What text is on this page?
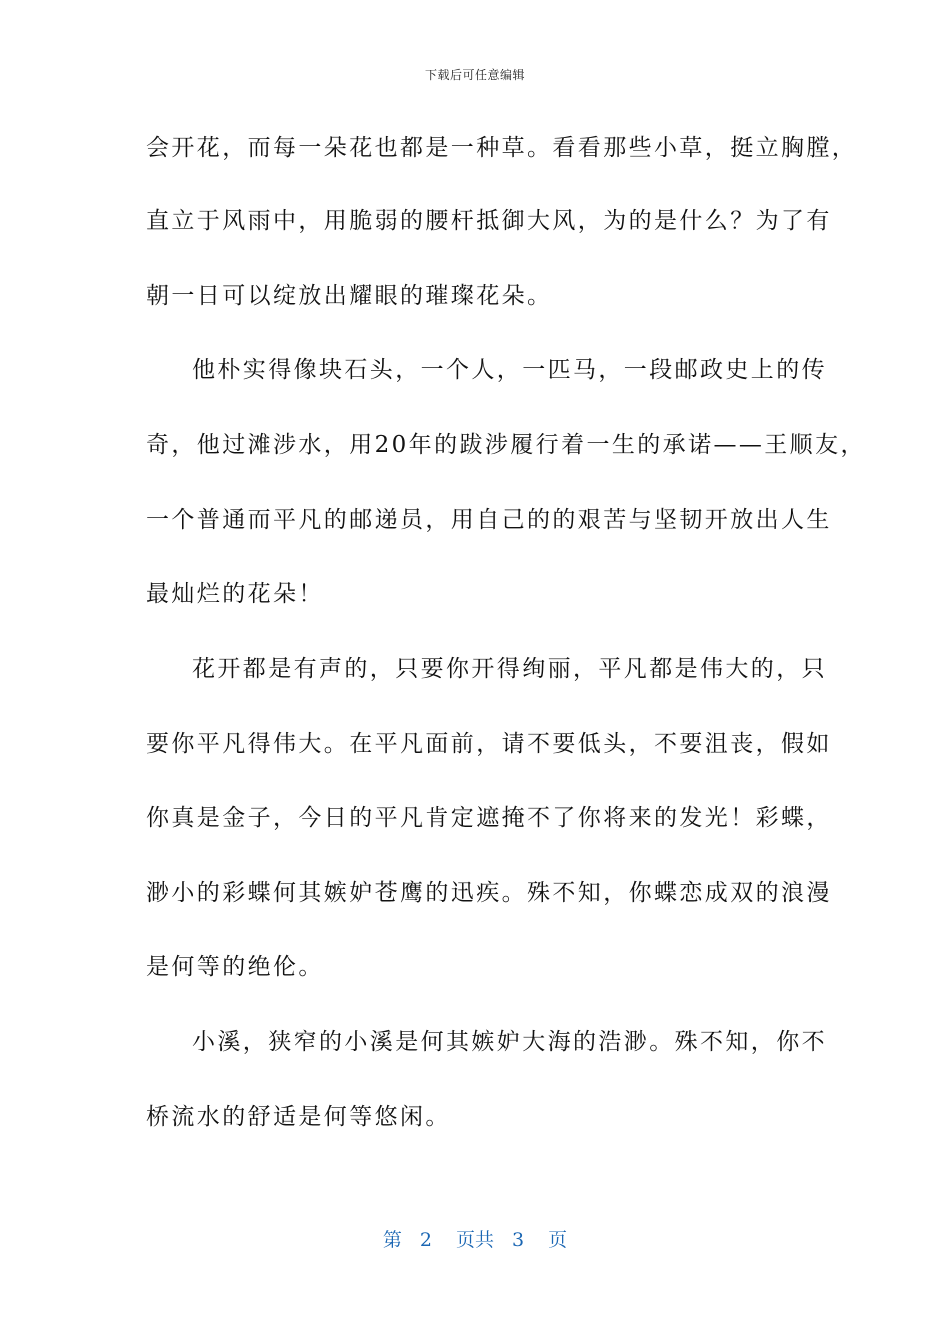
下载后可任意编辑
会开花，而每一朵花也都是一种草。看看那些小草，挺立胸膛，
直立于风雨中，用脆弱的腰杆抵御大风，为的是什么？为了有
朝一日可以绽放出耀眼的璀璨花朵。
他朴实得像块石头，一个人，一匹马，一段邮政史上的传
奇，他过滩涉水，用20年的跋涉履行着一生的承诺——王顺友，
一个普通而平凡的邮递员，用自己的的艰苦与坚韧开放出人生
最灿烂的花朵！
花开都是有声的，只要你开得绚丽，平凡都是伟大的，只
要你平凡得伟大。在平凡面前，请不要低头，不要沮丧，假如
你真是金子，今日的平凡肯定遮掩不了你将来的发光！彩蝶，
渺小的彩蝶何其嫉妒苍鹰的迅疾。殊不知，你蝶恋成双的浪漫
是何等的绝伦。
小溪，狭窄的小溪是何其嫉妒大海的浩渺。殊不知，你不
桥流水的舒适是何等悠闲。
第 2 页共 3 页
